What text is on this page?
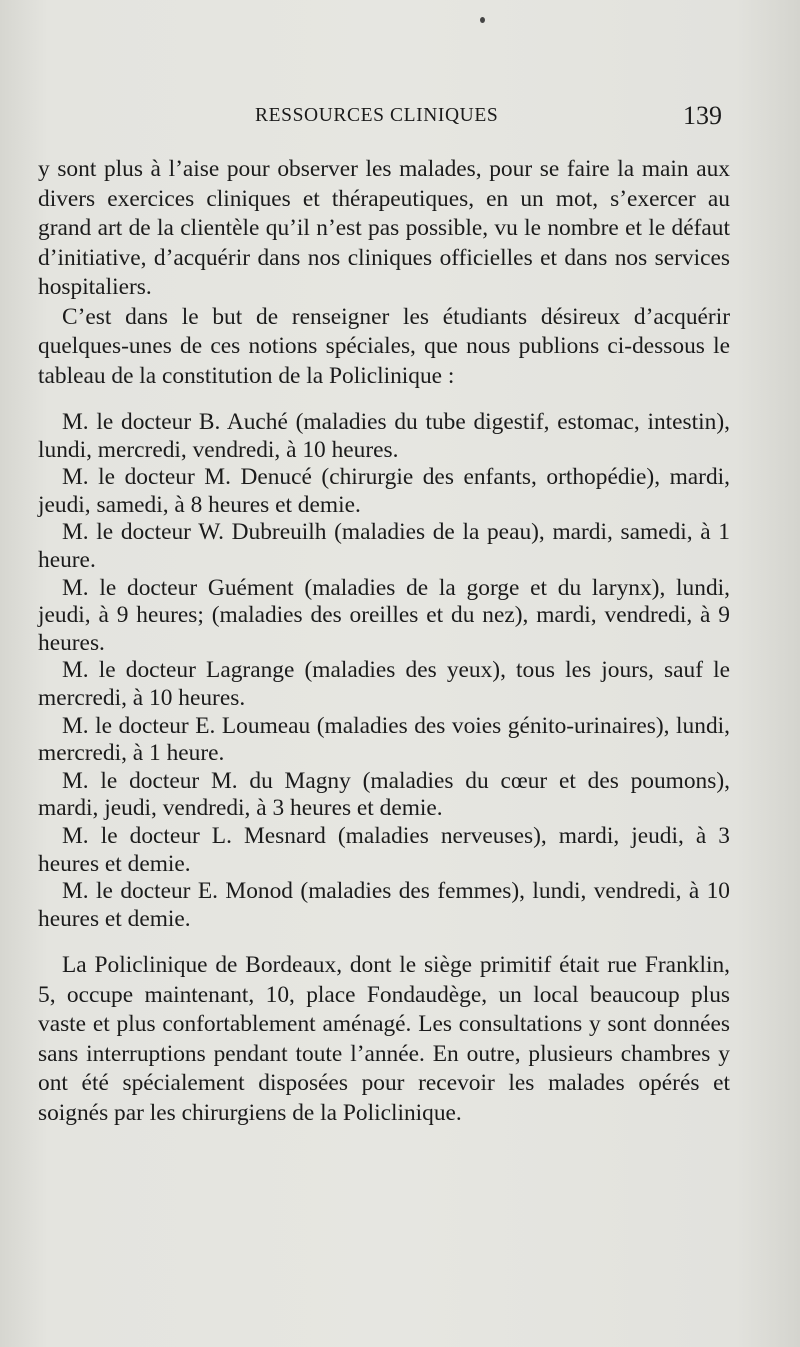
RESSOURCES CLINIQUES	139

y sont plus à l’aise pour observer les malades, pour se faire la main aux divers exercices cliniques et thérapeutiques, en un mot, s’exercer au grand art de la clientèle qu’il n’est pas possible, vu le nombre et le défaut d’initiative, d’acquérir dans nos cliniques officielles et dans nos services hospitaliers.

C’est dans le but de renseigner les étudiants désireux d’acquérir quelques-unes de ces notions spéciales, que nous publions ci-dessous le tableau de la constitution de la Policlinique :

M. le docteur B. Auché (maladies du tube digestif, estomac, intestin), lundi, mercredi, vendredi, à 10 heures.

M. le docteur M. Denucé (chirurgie des enfants, orthopédie), mardi, jeudi, samedi, à 8 heures et demie.

M. le docteur W. Dubreuilh (maladies de la peau), mardi, samedi, à 1 heure.

M. le docteur Guément (maladies de la gorge et du larynx), lundi, jeudi, à 9 heures; (maladies des oreilles et du nez), mardi, vendredi, à 9 heures.

M. le docteur Lagrange (maladies des yeux), tous les jours, sauf le mercredi, à 10 heures.

M. le docteur E. Loumeau (maladies des voies génito-urinaires), lundi, mercredi, à 1 heure.

M. le docteur M. du Magny (maladies du cœur et des poumons), mardi, jeudi, vendredi, à 3 heures et demie.

M. le docteur L. Mesnard (maladies nerveuses), mardi, jeudi, à 3 heures et demie.

M. le docteur E. Monod (maladies des femmes), lundi, vendredi, à 10 heures et demie.

La Policlinique de Bordeaux, dont le siège primitif était rue Franklin, 5, occupe maintenant, 10, place Fondaudège, un local beaucoup plus vaste et plus confortablement aménagé. Les consultations y sont données sans interruptions pendant toute l’année. En outre, plusieurs chambres y ont été spécialement disposées pour recevoir les malades opérés et soignés par les chirurgiens de la Policlinique.
